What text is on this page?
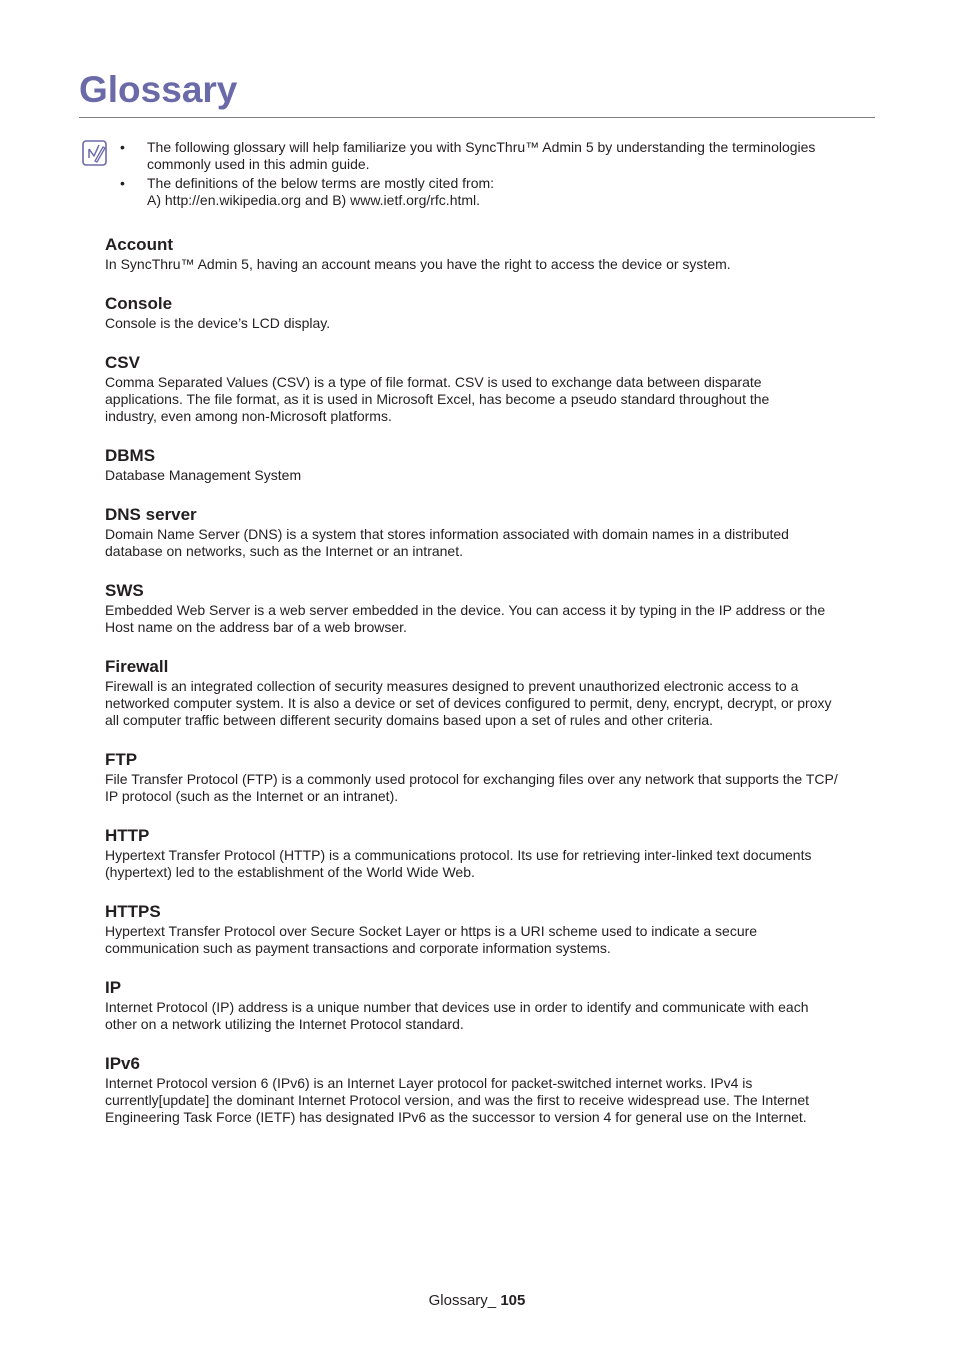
Glossary
• The following glossary will help familiarize you with SyncThru™ Admin 5 by understanding the terminologies
commonly used in this admin guide.
• The definitions of the below terms are mostly cited from:
A) http://en.wikipedia.org and B) www.ietf.org/rfc.html.
Account

In SyncThru™ Admin 5, having an account means you have the right to access the device or system.

Console

Console is the device’s LCD display.

CSV

Comma Separated Values (CSV) is a type of file format. CSV is used to exchange data between disparate
applications. The file format, as it is used in Microsoft Excel, has become a pseudo standard throughout the
industry, even among non-Microsoft platforms.

DBMS

Database Management System

DNS server

Domain Name Server (DNS) is a system that stores information associated with domain names in a distributed
database on networks, such as the Internet or an intranet.

SWS

Embedded Web Server is a web server embedded in the device. You can access it by typing in the IP address or the
Host name on the address bar of a web browser.

Firewall

Firewall is an integrated collection of security measures designed to prevent unauthorized electronic access to a
networked computer system. It is also a device or set of devices configured to permit, deny, encrypt, decrypt, or proxy
all computer traffic between different security domains based upon a set of rules and other criteria.

FTP

File Transfer Protocol (FTP) is a commonly used protocol for exchanging files over any network that supports the TCP/
IP protocol (such as the Internet or an intranet).

HTTP

Hypertext Transfer Protocol (HTTP) is a communications protocol. Its use for retrieving inter-linked text documents
(hypertext) led to the establishment of the World Wide Web.

HTTPS

Hypertext Transfer Protocol over Secure Socket Layer or https is a URI scheme used to indicate a secure
communication such as payment transactions and corporate information systems.

IP

Internet Protocol (IP) address is a unique number that devices use in order to identify and communicate with each
other on a network utilizing the Internet Protocol standard.

IPv6

Internet Protocol version 6 (IPv6) is an Internet Layer protocol for packet-switched internet works. IPv4 is
currently[update] the dominant Internet Protocol version, and was the first to receive widespread use. The Internet
Engineering Task Force (IETF) has designated IPv6 as the successor to version 4 for general use on the Internet.

Glossary_ 105
